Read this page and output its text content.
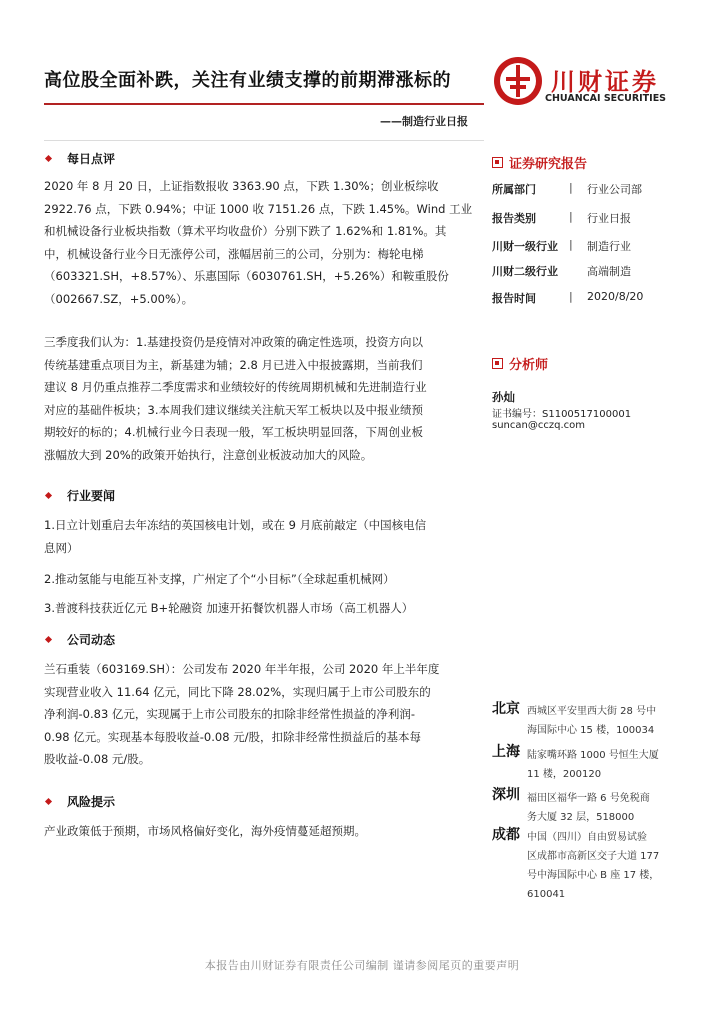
高位股全面补跌，关注有业绩支撑的前期滞涨标的
——制造行业日报
川财证券
CHUANCAI SECURITIES
每日点评
2020 年 8 月 20 日，上证指数报收 3363.90 点，下跌 1.30%；创业板综收
2922.76 点，下跌 0.94%；中证 1000 收 7151.26 点，下跌 1.45%。Wind 工业
和机械设备行业板块指数（算术平均收盘价）分别下跌了 1.62%和 1.81%。其
中，机械设备行业今日无涨停公司，涨幅居前三的公司，分别为：梅轮电梯
（603321.SH，+8.57%）、乐惠国际（6030761.SH，+5.26%）和鞍重股份
（002667.SZ，+5.00%）。
三季度我们认为：1.基建投资仍是疫情对冲政策的确定性选项，投资方向以
传统基建重点项目为主，新基建为辅；2.8 月已进入中报披露期，当前我们
建议 8 月仍重点推荐二季度需求和业绩较好的传统周期机械和先进制造行业
对应的基础件板块；3.本周我们建议继续关注航天军工板块以及中报业绩预
期较好的标的；4.机械行业今日表现一般，军工板块明显回落，下周创业板
涨幅放大到 20%的政策开始执行，注意创业板波动加大的风险。
行业要闻
1.日立计划重启去年冻结的英国核电计划，或在 9 月底前敲定（中国核电信
息网）
2.推动氢能与电能互补支撑，广州定了个“小目标”（全球起重机械网）
3.普渡科技获近亿元 B+轮融资 加速开拓餐饮机器人市场（高工机器人）
公司动态
兰石重装（603169.SH）：公司发布 2020 年半年报，公司 2020 年上半年度
实现营业收入 11.64 亿元，同比下降 28.02%，实现归属于上市公司股东的
净利润-0.83 亿元，实现属于上市公司股东的扣除非经常性损益的净利润-
0.98 亿元。实现基本每股收益-0.08 元/股，扣除非经常性损益后的基本每
股收益-0.08 元/股。
风险提示
产业政策低于预期，市场风格偏好变化，海外疫情蔓延超预期。
证券研究报告
所属部门	| 行业公司部
报告类别	| 行业日报
川财一级行业 | 制造行业
川财二级行业	高端制造
报告时间	| 2020/8/20
分析师
孙灿
证书编号：S1100517100001
suncan@cczq.com
北京 西城区平安里西大街 28 号中
海国际中心 15 楼，100034
上海 陆家嘴环路 1000 号恒生大厦
11 楼，200120
深圳 福田区福华一路 6 号免税商
务大厦 32 层，518000
成都 中国（四川）自由贸易试验
区成都市高新区交子大道 177
号中海国际中心 B 座 17 楼，
610041
本报告由川财证券有限责任公司编制 谨请参阅尾页的重要声明
